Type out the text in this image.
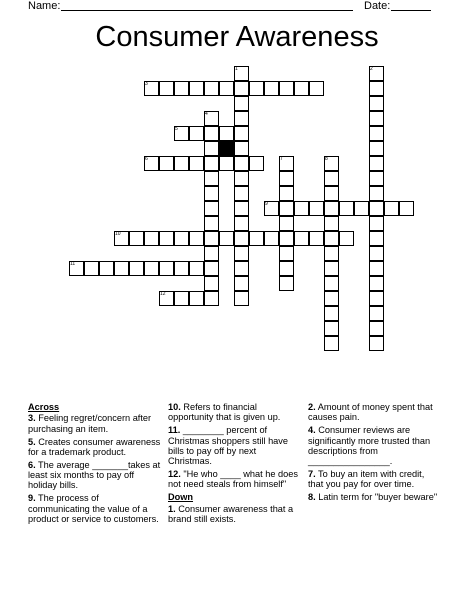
Name:	Date:
Consumer Awareness
1	2
3
4
5
6	7	8
9
10
11
12
Across
3. Feeling regret/concern after purchasing an item.
5. Creates consumer awareness for a trademark product.
6. The average _______takes at least six months to pay off holiday bills.
9. The process of communicating the value of a product or service to customers.
10. Refers to financial opportunity that is given up.
11. ________ percent of Christmas shoppers still have bills to pay off by next Christmas.
12. "He who ____ what he does not need steals from himself"
Down
1. Consumer awareness that a brand still exists.
2. Amount of money spent that causes pain.
4. Consumer reviews are significantly more trusted than descriptions from ________________.
7. To buy an item with credit, that you pay for over time.
8. Latin term for "buyer beware"
